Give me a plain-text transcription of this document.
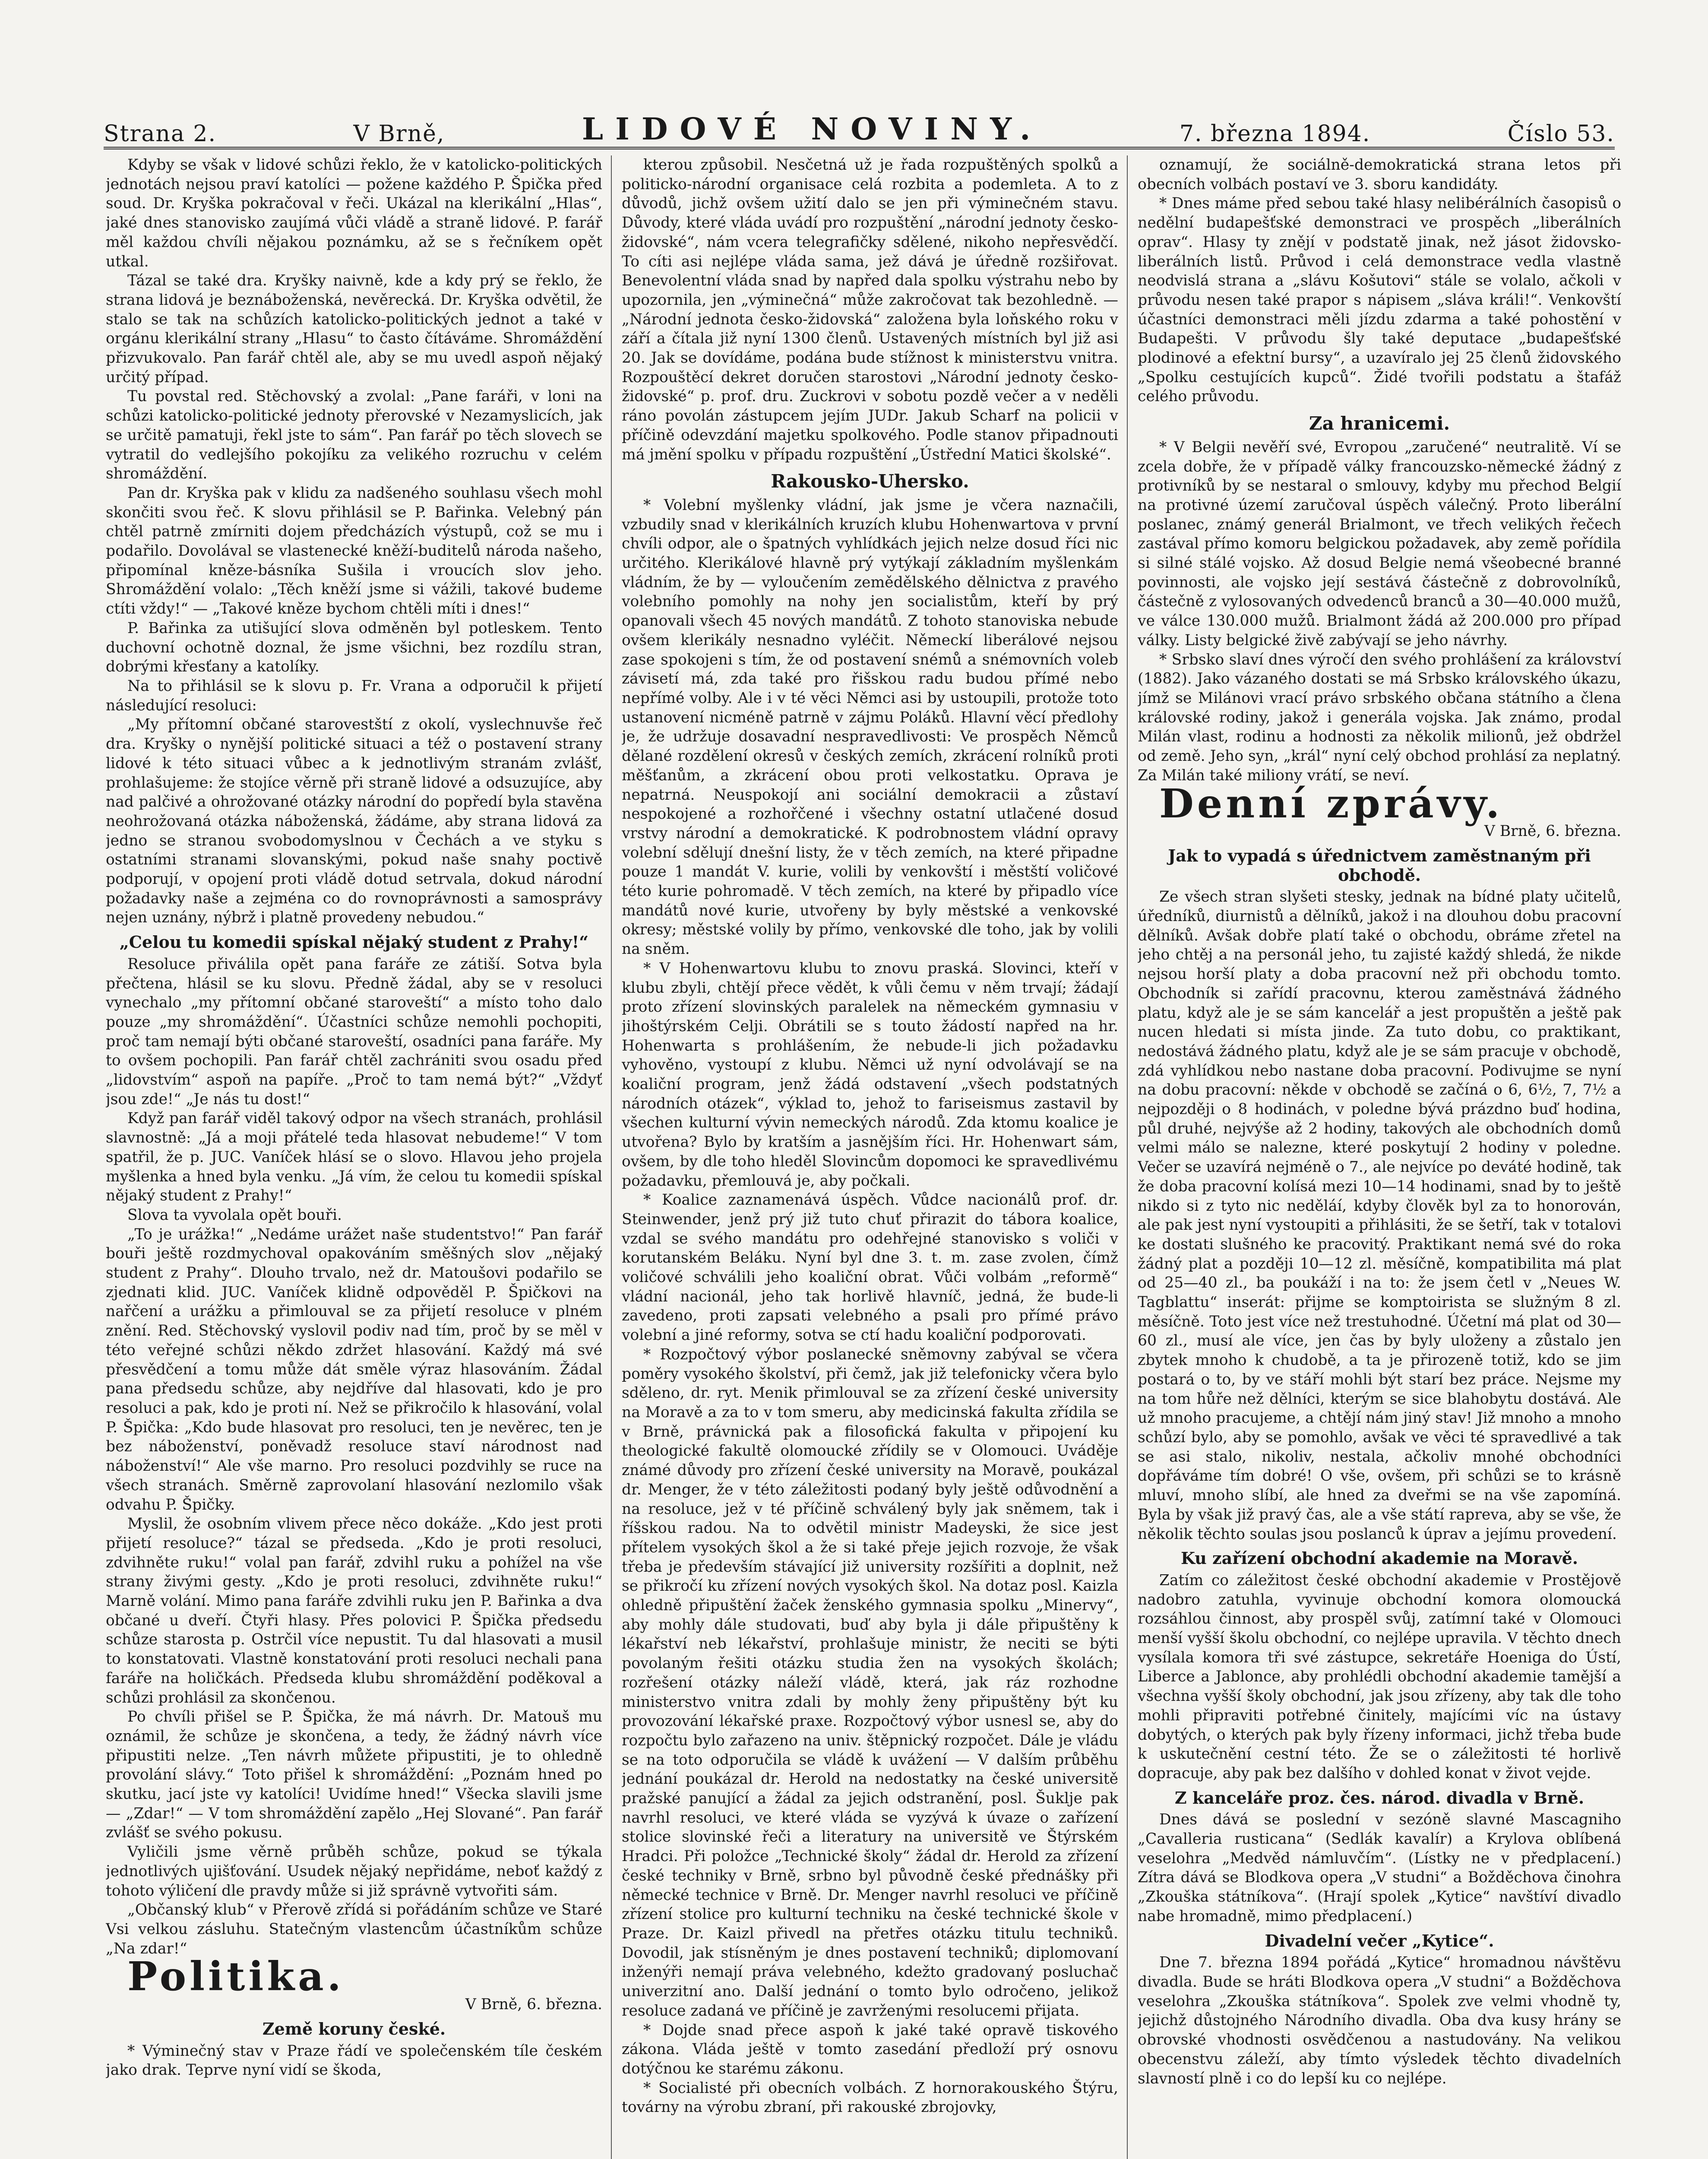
Strana 2.	V Brně,	LIDOVÉ NOVINY.	7. března 1894.	Číslo 53.

Kdyby se však v lidové schůzi řeklo, že v katolicko-politických jednotách nejsou praví katolíci — požene každého P. Špička před soud. Dr. Kryška pokračoval v řeči. Ukázal na klerikální „Hlas“, jaké dnes stanovisko zaujímá vůči vládě a straně lidové. P. farář měl každou chvíli nějakou poznámku, až se s řečníkem opět utkal.

Tázal se také dra. Kryšky naivně, kde a kdy prý se řeklo, že strana lidová je beznáboženská, nevěrecká. Dr. Kryška odvětil, že stalo se tak na schůzích katolicko-politických jednot a také v orgánu klerikální strany „Hlasu“ to často čítáváme. Shromáždění přizvukovalo. Pan farář chtěl ale, aby se mu uvedl aspoň nějaký určitý případ.

Tu povstal red. Stěchovský a zvolal: „Pane faráři, v loni na schůzi katolicko-politické jednoty přerovské v Nezamyslicích, jak se určitě pamatuji, řekl jste to sám“. Pan farář po těch slovech se vytratil do vedlejšího pokojíku za velikého rozruchu v celém shromáždění.

Pan dr. Kryška pak v klidu za nadšeného souhlasu všech mohl skončiti svou řeč. K slovu přihlásil se P. Bařinka. Velebný pán chtěl patrně zmírniti dojem předcházích výstupů, což se mu i podařilo. Dovolával se vlastenecké kněží-buditelů národa našeho, připomínal kněze-básníka Sušila i vroucích slov jeho. Shromáždění volalo: „Těch kněží jsme si vážili, takové budeme ctíti vždy!“ — „Takové kněze bychom chtěli míti i dnes!“

P. Bařinka za utišující slova odměněn byl potleskem. Tento duchovní ochotně doznal, že jsme všichni, bez rozdílu stran, dobrými křesťany a katolíky.

Na to přihlásil se k slovu p. Fr. Vrana a odporučil k přijetí následující resoluci:

„My přítomní občané starovestští z okolí, vyslechnuvše řeč dra. Kryšky o nynější politické situaci a též o postavení strany lidové k této situaci vůbec a k jednotlivým stranám zvlášť, prohlašujeme: že stojíce věrně při straně lidové a odsuzujíce, aby nad palčivé a ohrožované otázky národní do popředí byla stavěna neohrožovaná otázka náboženská, žádáme, aby strana lidová za jedno se stranou svobodomyslnou v Čechách a ve styku s ostatními stranami slovanskými, pokud naše snahy poctivě podporují, v opojení proti vládě dotud setrvala, dokud národní požadavky naše a zejména co do rovnoprávnosti a samosprávy nejen uznány, nýbrž i platně provedeny nebudou.“

„Celou tu komedii spískal nějaký student z Prahy!“

Resoluce přiválila opět pana faráře ze zátiší. Sotva byla přečtena, hlásil se ku slovu. Předně žádal, aby se v resoluci vynechalo „my přítomní občané staroveští“ a místo toho dalo pouze „my shromáždění“. Účastníci schůze nemohli pochopiti, proč tam nemají býti občané staroveští, osadníci pana faráře. My to ovšem pochopili. Pan farář chtěl zachrániti svou osadu před „lidovstvím“ aspoň na papíře. „Proč to tam nemá být?“ „Vždyť jsou zde!“ „Je nás tu dost!“

Když pan farář viděl takový odpor na všech stranách, prohlásil slavnostně: „Já a moji přátelé teda hlasovat nebudeme!“ V tom spatřil, že p. JUC. Vaníček hlásí se o slovo. Hlavou jeho projela myšlenka a hned byla venku. „Já vím, že celou tu komedii spískal nějaký student z Prahy!“

Slova ta vyvolala opět bouři.

„To je urážka!“ „Nedáme urážet naše studentstvo!“ Pan farář bouři ještě rozdmychoval opakováním směšných slov „nějaký student z Prahy“. Dlouho trvalo, než dr. Matoušovi podařilo se zjednati klid. JUC. Vaníček klidně odpověděl P. Špičkovi na nařčení a urážku a přimlouval se za přijetí resoluce v plném znění. Red. Stěchovský vyslovil podiv nad tím, proč by se měl v této veřejné schůzi někdo zdržet hlasování. Každý má své přesvědčení a tomu může dát směle výraz hlasováním. Žádal pana předsedu schůze, aby nejdříve dal hlasovati, kdo je pro resoluci a pak, kdo je proti ní. Než se přikročilo k hlasování, volal P. Špička: „Kdo bude hlasovat pro resoluci, ten je nevěrec, ten je bez náboženství, poněvadž resoluce staví národnost nad náboženství!“ Ale vše marno. Pro resoluci pozdvihly se ruce na všech stranách. Směrně zaprovolaní hlasování nezlomilo však odvahu P. Špičky.

Myslil, že osobním vlivem přece něco dokáže. „Kdo jest proti přijetí resoluce?“ tázal se předseda. „Kdo je proti resoluci, zdvihněte ruku!“ volal pan farář, zdvihl ruku a pohížel na vše strany živými gesty. „Kdo je proti resoluci, zdvihněte ruku!“ Marně volání. Mimo pana faráře zdvihli ruku jen P. Bařinka a dva občané u dveří. Čtyři hlasy. Přes polovici P. Špička předsedu schůze starosta p. Ostrčil více nepustit. Tu dal hlasovati a musil to konstatovati. Vlastně konstatování proti resoluci nechali pana faráře na holičkách. Předseda klubu shromáždění poděkoval a schůzi prohlásil za skončenou.

Po chvíli přišel se P. Špička, že má návrh. Dr. Matouš mu oznámil, že schůze je skončena, a tedy, že žádný návrh více připustiti nelze. „Ten návrh můžete připustiti, je to ohledně provolání slávy.“ Toto přišel k shromáždění: „Poznám hned po skutku, jací jste vy katolíci! Uvidíme hned!“ Všecka slavili jsme — „Zdar!“ — V tom shromáždění zapělo „Hej Slované“. Pan farář zvlášť se svého pokusu.

Vyličili jsme věrně průběh schůze, pokud se týkala jednotlivých ujišťování. Usudek nějaký nepřidáme, neboť každý z tohoto výličení dle pravdy může si již správně vytvořiti sám.

„Občanský klub“ v Přerově zřídá si pořádáním schůze ve Staré Vsi velkou zásluhu. Statečným vlastencům účastníkům schůze „Na zdar!“

Politika.

V Brně, 6. března.

Země koruny české.

* Výminečný stav v Praze řádí ve společenském tíle českém jako drak. Teprve nyní vidí se škoda,

kterou způsobil. Nesčetná už je řada rozpuštěných spolků a politicko-národní organisace celá rozbita a podemleta. A to z důvodů, jichž ovšem užití dalo se jen při výminečném stavu. Důvody, které vláda uvádí pro rozpuštění „národní jednoty česko-židovské“, nám vcera telegrafičky sdělené, nikoho nepřesvědčí. To cíti asi nejlépe vláda sama, jež dává je úředně rozšiřovat. Benevolentní vláda snad by napřed dala spolku výstrahu nebo by upozornila, jen „výminečná“ může zakročovat tak bezohledně. — „Národní jednota česko-židovská“ založena byla loňského roku v září a čítala již nyní 1300 členů. Ustavených místních byl již asi 20. Jak se dovídáme, podána bude stížnost k ministerstvu vnitra. Rozpouštěcí dekret doručen starostovi „Národní jednoty česko-židovské“ p. prof. dru. Zuckrovi v sobotu pozdě večer a v neděli ráno povolán zástupcem jejím JUDr. Jakub Scharf na policii v příčině odevzdání majetku spolkového. Podle stanov připadnouti má jmění spolku v případu rozpuštění „Ústřední Matici školské“.

Rakousko-Uhersko.

* Volební myšlenky vládní, jak jsme je včera naznačili, vzbudily snad v klerikálních kruzích klubu Hohenwartova v první chvíli odpor, ale o špatných vyhlídkách jejich nelze dosud říci nic určitého. Klerikálové hlavně prý vytýkají základním myšlenkám vládním, že by — vyloučením zemědělského dělnictva z pravého volebního pomohly na nohy jen socialistům, kteří by prý opanovali všech 45 nových mandátů. Z tohoto stanoviska nebude ovšem klerikály nesnadno vyléčit. Německí liberálové nejsou zase spokojeni s tím, že od postavení snémů a snémovních voleb závisetí má, zda také pro řišskou radu budou přímé nebo nepřímé volby. Ale i v té věci Němci asi by ustoupili, protože toto ustanovení nicméně patrně v zájmu Poláků. Hlavní věcí předlohy je, že udržuje dosavadní nespravedlivosti: Ve prospěch Němců dělané rozdělení okresů v českých zemích, zkrácení rolníků proti měšťanům, a zkrácení obou proti velkostatku. Oprava je nepatrná. Neuspokojí ani sociální demokracii a zůstaví nespokojené a rozhořčené i všechny ostatní utlačené dosud vrstvy národní a demokratické. K podrobnostem vládní opravy volební sdělují dnešní listy, že v těch zemích, na které připadne pouze 1 mandát V. kurie, volili by venkovští i městští voličové této kurie pohromadě. V těch zemích, na které by připadlo více mandátů nové kurie, utvořeny by byly městské a venkovské okresy; městské volily by přímo, venkovské dle toho, jak by volili na sněm.

* V Hohenwartovu klubu to znovu praská. Slovinci, kteří v klubu zbyli, chtějí přece vědět, k vůli čemu v něm trvají; žádají proto zřízení slovinských paralelek na německém gymnasiu v jihoštýrském Celji. Obrátili se s touto žádostí napřed na hr. Hohenwarta s prohlášením, že nebude-li jich požadavku vyhověno, vystoupí z klubu. Němci už nyní odvolávají se na koaliční program, jenž žádá odstavení „všech podstatných národních otázek“, výklad to, jehož to fariseismus zastavil by všechen kulturní vývin nemeckých národů. Zda ktomu koalice je utvořena? Bylo by kratším a jasnějším říci. Hr. Hohenwart sám, ovšem, by dle toho hleděl Slovincům dopomoci ke spravedlivému požadavku, přemlouvá je, aby počkali.

* Koalice zaznamenává úspěch. Vůdce nacionálů prof. dr. Steinwender, jenž prý již tuto chuť přirazit do tábora koalice, vzdal se svého mandátu pro odehřejné stanovisko s voliči v korutanském Beláku. Nyní byl dne 3. t. m. zase zvolen, čímž voličové schválili jeho koaliční obrat. Vůči volbám „reformě“ vládní nacionál, jeho tak horlivě hlavníč, jedná, že bude-li zavedeno, proti zapsati velebného a psali pro přímé právo volební a jiné reformy, sotva se ctí hadu koaliční podporovati.

* Rozpočtový výbor poslanecké sněmovny zabýval se včera poměry vysokého školství, při čemž, jak již telefonicky včera bylo sděleno, dr. ryt. Menik přimlouval se za zřízení české university na Moravě a za to v tom smeru, aby medicinská fakulta zřídila se v Brně, právnická pak a filosofická fakulta v připojení ku theologické fakultě olomoucké zřídily se v Olomouci. Uváděje známé důvody pro zřízení české university na Moravě, poukázal dr. Menger, že v této záležitosti podaný byly ještě odůvodnění a na resoluce, jež v té příčině schválený byly jak sněmem, tak i říšskou radou. Na to odvětil ministr Madeyski, že sice jest přítelem vysokých škol a že si také přeje jejich rozvoje, že však třeba je především stávající již university rozšířiti a doplnit, než se přikročí ku zřízení nových vysokých škol. Na dotaz posl. Kaizla ohledně připuštění žaček ženského gymnasia spolku „Minervy“, aby mohly dále studovati, buď aby byla ji dále připuštěny k lékařství neb lékařství, prohlašuje ministr, že neciti se býti povolaným řešiti otázku studia žen na vysokých školách; rozřešení otázky náleží vládě, která, jak ráz rozhodne ministerstvo vnitra zdali by mohly ženy připuštěny být ku provozování lékařské praxe. Rozpočtový výbor usnesl se, aby do rozpočtu bylo zařazeno na univ. štěpnický rozpočet. Dále je vládu se na toto odporučila se vládě k uvážení — V dalším průběhu jednání poukázal dr. Herold na nedostatky na české universitě pražské panující a žádal za jejich odstranění, posl. Šuklje pak navrhl resoluci, ve které vláda se vyzývá k úvaze o zařízení stolice slovinské řeči a literatury na universitě ve Štýrském Hradci. Při položce „Technické školy“ žádal dr. Herold za zřízení české techniky v Brně, srbno byl původně české přednášky při německé technice v Brně. Dr. Menger navrhl resoluci ve příčině zřízení stolice pro kulturní techniku na české technické škole v Praze. Dr. Kaizl přivedl na přetřes otázku titulu techniků. Dovodil, jak stísněným je dnes postavení techniků; diplomovaní inženýři nemají práva velebného, kdežto gradovaný posluchač univerzitní ano. Další jednání o tomto bylo odročeno, jelikož resoluce zadaná ve příčině je zavrženými resolucemi přijata.

* Dojde snad přece aspoň k jaké také opravě tiskového zákona. Vláda ještě v tomto zasedání předloží prý osnovu dotýčnou ke starému zákonu.

* Socialisté při obecních volbách. Z hornorakouského Štýru, továrny na výrobu zbraní, při rakouské zbrojovky,

oznamují, že sociálně-demokratická strana letos při obecních volbách postaví ve 3. sboru kandidáty.

* Dnes máme před sebou také hlasy nelibérálních časopisů o nedělní budapešťské demonstraci ve prospěch „liberálních oprav“. Hlasy ty znějí v podstatě jinak, než jásot židovsko-liberálních listů. Průvod i celá demonstrace vedla vlastně neodvislá strana a „slávu Košutovi“ stále se volalo, ačkoli v průvodu nesen také prapor s nápisem „sláva králi!“. Venkovští účastníci demonstraci měli jízdu zdarma a také pohostění v Budapešti. V průvodu šly také deputace „budapešťské plodinové a efektní bursy“, a uzavíralo jej 25 členů židovského „Spolku cestujících kupců“. Židé tvořili podstatu a štafáž celého průvodu.

Za hranicemi.

* V Belgii nevěří své, Evropou „zaručené“ neutralitě. Ví se zcela dobře, že v případě války francouzsko-německé žádný z protivníků by se nestaral o smlouvy, kdyby mu přechod Belgií na protivné území zaručoval úspěch válečný. Proto liberální poslanec, známý generál Brialmont, ve třech velikých řečech zastával přímo komoru belgickou požadavek, aby země pořídila si silné stálé vojsko. Až dosud Belgie nemá všeobecné branné povinnosti, ale vojsko její sestává částečně z dobrovolníků, částečně z vylosovaných odvedenců branců a 30—40.000 mužů, ve válce 130.000 mužů. Brialmont žádá až 200.000 pro případ války. Listy belgické živě zabývají se jeho návrhy.

* Srbsko slaví dnes výročí den svého prohlášení za království (1882). Jako vázaného dostati se má Srbsko královského úkazu, jímž se Milánovi vrací právo srbského občana státního a člena královské rodiny, jakož i generála vojska. Jak známo, prodal Milán vlast, rodinu a hodnosti za několik milionů, jež obdržel od země. Jeho syn, „král“ nyní celý obchod prohlásí za neplatný. Za Milán také miliony vrátí, se neví.

Denní zprávy.

V Brně, 6. března.

Jak to vypadá s úřednictvem zaměstnaným při obchodě.

Ze všech stran slyšeti stesky, jednak na bídné platy učitelů, úředníků, diurnistů a dělníků, jakož i na dlouhou dobu pracovní dělníků. Avšak dobře platí také o obchodu, obráme zřetel na jeho chtěj a na personál jeho, tu zajisté každý shledá, že nikde nejsou horší platy a doba pracovní než při obchodu tomto. Obchodník si zařídí pracovnu, kterou zaměstnává žádného platu, když ale je se sám kancelář a jest propuštěn a ještě pak nucen hledati si místa jinde. Za tuto dobu, co praktikant, nedostává žádného platu, když ale je se sám pracuje v obchodě, zdá vyhlídkou nebo nastane doba pracovní. Podivujme se nyní na dobu pracovní: někde v obchodě se začíná o 6, 6½, 7, 7½ a nejpozději o 8 hodinách, v poledne bývá prázdno buď hodina, půl druhé, nejvýše až 2 hodiny, takových ale obchodních domů velmi málo se nalezne, které poskytují 2 hodiny v poledne. Večer se uzavírá nejméně o 7., ale nejvíce po deváté hodině, tak že doba pracovní kolísá mezi 10—14 hodinami, snad by to ještě nikdo si z tyto nic neděláí, kdyby člověk byl za to honorován, ale pak jest nyní vystoupiti a přihlásiti, že se šetří, tak v totalovi ke dostati slušného ke pracovitý. Praktikant nemá své do roka žádný plat a později 10—12 zl. měsíčně, kompatibilita má plat od 25—40 zl., ba poukáží i na to: že jsem četl v „Neues W. Tagblattu“ inserát: přijme se komptoirista se služným 8 zl. měsíčně. Toto jest více než trestuhodné. Účetní má plat od 30—60 zl., musí ale více, jen čas by byly uloženy a zůstalo jen zbytek mnoho k chudobě, a ta je přirozeně totiž, kdo se jim postará o to, by ve stáří mohli být starí bez práce. Nejsme my na tom hůře než dělníci, kterým se sice blahobytu dostává. Ale už mnoho pracujeme, a chtějí nám jiný stav! Již mnoho a mnoho schůzí bylo, aby se pomohlo, avšak ve věci té spravedlivé a tak se asi stalo, nikoliv, nestala, ačkoliv mnohé obchodníci dopřáváme tím dobré! O vše, ovšem, při schůzi se to krásně mluví, mnoho slíbí, ale hned za dveřmi se na vše zapomíná. Byla by však již pravý čas, ale a vše státí rapreva, aby se vše, že několik těchto soulas jsou poslanců k úprav a jejímu provedení.

Ku zařízení obchodní akademie na Moravě.

Zatím co záležitost české obchodní akademie v Prostějově nadobro zatuhla, vyvinuje obchodní komora olomoucká rozsáhlou činnost, aby prospěl svůj, zatímní také v Olomouci menší vyšší školu obchodní, co nejlépe upravila. V těchto dnech vysílala komora tři své zástupce, sekretáře Hoeniga do Ústí, Liberce a Jablonce, aby prohlédli obchodní akademie tamější a všechna vyšší školy obchodní, jak jsou zřízeny, aby tak dle toho mohli připraviti potřebné činitely, majícími víc na ústavy dobytých, o kterých pak byly řízeny informaci, jichž třeba bude k uskutečnění cestní této. Že se o záležitosti té horlivě dopracuje, aby pak bez dalšího v dohled konat v život vejde.

Z kanceláře proz. čes. národ. divadla v Brně.

Dnes dává se poslední v sezóně slavné Mascagniho „Cavalleria rusticana“ (Sedlák kavalír) a Krylova oblíbená veselohra „Medvěd námluvčím“. (Lístky ne v předplacení.) Zítra dává se Blodkova opera „V studni“ a Božděchova činohra „Zkouška státníkova“. (Hrají spolek „Kytice“ navštíví divadlo nabe hromadně, mimo předplacení.)

Divadelní večer „Kytice“.

Dne 7. března 1894 pořádá „Kytice“ hromadnou návštěvu divadla. Bude se hráti Blodkova opera „V studni“ a Božděchova veselohra „Zkouška státníkova“. Spolek zve velmi vhodně ty, jejichž důstojného Národního divadla. Oba dva kusy hrány se obrovské vhodnosti osvědčenou a nastudovány. Na velikou obecenstvu záleží, aby tímto výsledek těchto divadelních slavností plně i co do lepší ku co nejlépe.
